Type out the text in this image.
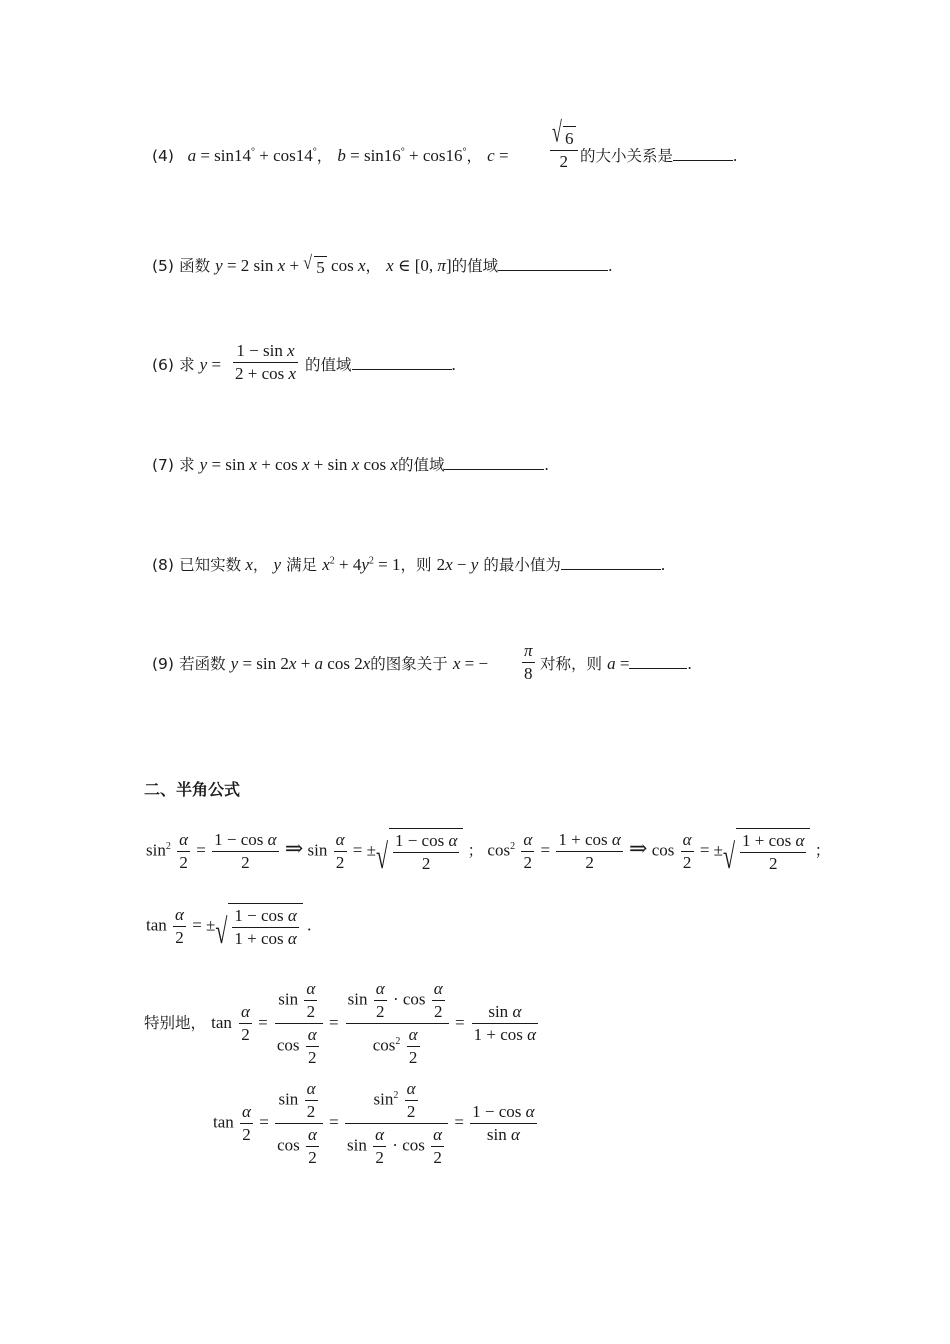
(4) a = sin14° + cos14°， b = sin16° + cos16°， $c = \frac{√ 6}{2}$ 的大小关系是	.
(5) 函数 y = 2 sin x + √ 5 cos x， x ∈ [0, π]的值域	.
(6) 求 $y = \frac{\text{1 − sin x}}{\text{2 + cos x}}$ 的值域	.
(7) 求 y = sin x + cos x + sin x cos x的值域	.
(8) 已知实数 x， y 满足 $x^2 + 4y^2 = 1$，则 2x − y 的最小值为	.
(9) 若函数 y = sin 2x + a cos 2x的图象关于 x = − $\frac{\pi}{8}$ 对称，则 a =	.
二、半角公式
$\sin^2 \frac{\alpha}{2} = \frac{\text{1 − cos α}}{2}$ ⇒ $\sin \frac{\alpha}{2}$ = ± √ $\frac{\text{1 − cos α}}{2}$ ； $\cos^2 \frac{\alpha}{2} = \frac{\text{1 + cos α}}{2}$ ⇒ $\cos \frac{\alpha}{2}$ = ± √ $\frac{\text{1 + cos α}}{2}$ ；
$\tan \frac{\alpha}{2}$ = ± √ $\frac{\text{1 − cos α}}{\text{1 + cos α}}$ .
特别地， $\tan \frac{\alpha}{2} = \frac{\sin \frac{\alpha}{2}}{\cos \frac{\alpha}{2}} = \frac{\sin \frac{\alpha}{2} \cdot \cos \frac{\alpha}{2}}{\cos^2 \frac{\alpha}{2}} = \frac{\text{sin α}}{\text{1 + cos α}}$
$\tan \frac{\alpha}{2} = \frac{\sin \frac{\alpha}{2}}{\cos \frac{\alpha}{2}} = \frac{\sin^2 \frac{\alpha}{2}}{\sin \frac{\alpha}{2} \cdot \cos \frac{\alpha}{2}} = \frac{\text{1 − cos α}}{\text{sin α}}$
